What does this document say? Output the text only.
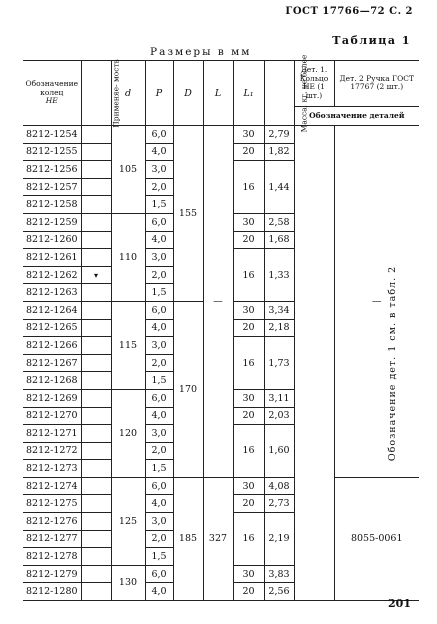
ГОСТ 17766—72 С. 2
Таблица 1
Размеры в мм
Обозначение колец
НЕ	Применяе- мость	d	P	D	L	L₁	Масса, кг, не более	Дет. 1. Кольцо НЕ (1 шт.)	Дет. 2 Ручка ГОСТ 17767 (2 шт.)
								Обозначение деталей	
8212-1254		105	6,0	155	—	30	2,79	Обозначение дет. 1 см. в табл. 2	—
8212-1255			4,0			20	1,82		
8212-1256			3,0			16	1,44		
8212-1257			2,0						
8212-1258			1,5						
8212-1259		110	6,0			30	2,58		
8212-1260			4,0			20	1,68		
8212-1261			3,0			16	1,33		
8212-1262	▾		2,0						
8212-1263			1,5						
8212-1264		115	6,0	170		30	3,34		
8212-1265			4,0			20	2,18		
8212-1266			3,0			16	1,73		
8212-1267			2,0						
8212-1268			1,5						
8212-1269		120	6,0			30	3,11		
8212-1270			4,0			20	2,03		
8212-1271			3,0			16	1,60		
8212-1272			2,0						
8212-1273			1,5						
8212-1274		125	6,0	185	327	30	4,08		8055-0061
8212-1275			4,0			20	2,73		
8212-1276			3,0			16	2,19		
8212-1277			2,0						
8212-1278			1,5						
8212-1279		130	6,0			30	3,83		
8212-1280			4,0			20	2,56		
201
